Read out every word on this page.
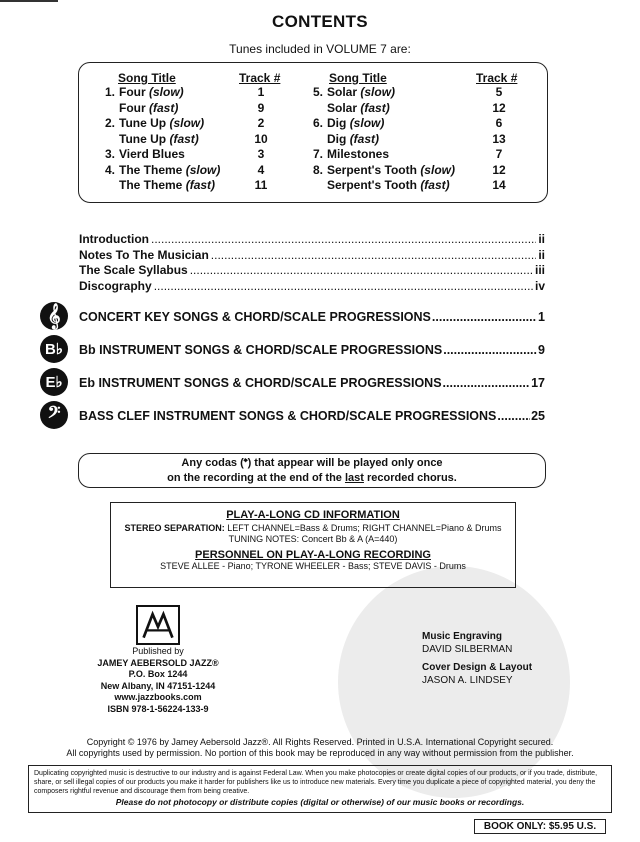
CONTENTS
Tunes included in VOLUME 7 are:
Song Title	Track #
1. Four (slow)	1
Four (fast)	9
2. Tune Up (slow)	2
Tune Up (fast)	10
3. Vierd Blues	3
4. The Theme (slow)	4
The Theme (fast)	11
Song Title	Track #
5. Solar (slow)	5
Solar (fast)	12
6. Dig (slow)	6
Dig (fast)	13
7. Milestones	7
8. Serpent's Tooth (slow)	12
Serpent's Tooth (fast)	14
Introduction .....	ii
Notes To The Musician .....	ii
The Scale Syllabus .....	iii
Discography .....	iv
𝄞	CONCERT KEY SONGS & CHORD/SCALE PROGRESSIONS .....	1
B♭	Bb INSTRUMENT SONGS & CHORD/SCALE PROGRESSIONS .....	9
E♭	Eb INSTRUMENT SONGS & CHORD/SCALE PROGRESSIONS .....	17
𝄢	BASS CLEF INSTRUMENT SONGS & CHORD/SCALE PROGRESSIONS .....	25
Any codas (𝄌) that appear will be played only once
on the recording at the end of the last recorded chorus.
PLAY-A-LONG CD INFORMATION
STEREO SEPARATION: LEFT CHANNEL=Bass & Drums; RIGHT CHANNEL=Piano & Drums
TUNING NOTES: Concert Bb & A (A=440)
PERSONNEL ON PLAY-A-LONG RECORDING
STEVE ALLEE - Piano; TYRONE WHEELER - Bass; STEVE DAVIS - Drums
Published by
JAMEY AEBERSOLD JAZZ®
P.O. Box 1244
New Albany, IN 47151-1244
www.jazzbooks.com
ISBN 978-1-56224-133-9
Music Engraving
DAVID SILBERMAN
Cover Design & Layout
JASON A. LINDSEY
Copyright © 1976 by Jamey Aebersold Jazz®. All Rights Reserved. Printed in U.S.A. International Copyright secured.
All copyrights used by permission. No portion of this book may be reproduced in any way without permission from the publisher.
Duplicating copyrighted music is destructive to our industry and is against Federal Law. When you make photocopies or create digital copies of our products, or if you trade, distribute, share, or sell illegal copies of our products you make it harder for publishers like us to introduce new materials. Every time you duplicate a piece of copyrighted material, you deny the composers rightful revenue and discourage them from being creative.
Please do not photocopy or distribute copies (digital or otherwise) of our music books or recordings.
BOOK ONLY: $5.95 U.S.
